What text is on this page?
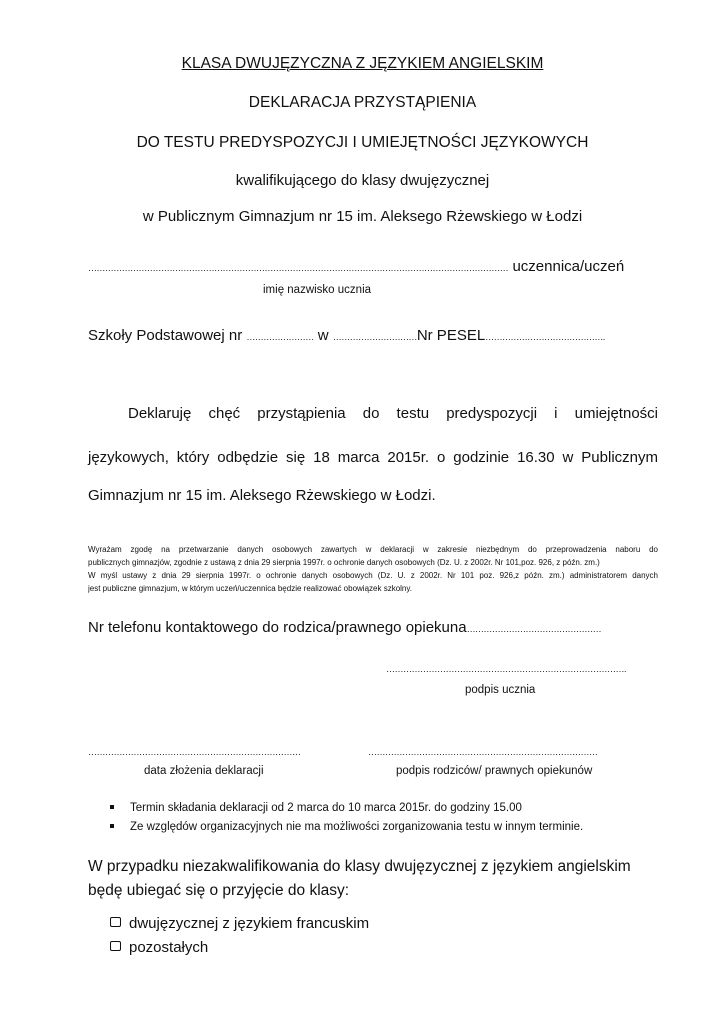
KLASA DWUJĘZYCZNA Z JĘZYKIEM ANGIELSKIM
DEKLARACJA PRZYSTĄPIENIA
DO TESTU PREDYSPOZYCJI I UMIEJĘTNOŚCI JĘZYKOWYCH
kwalifikującego do klasy dwujęzycznej
w Publicznym Gimnazjum nr 15 im. Aleksego Rżewskiego w Łodzi
…………………………………………………………………………………………………………………………………… uczennica/uczeń
imię nazwisko ucznia
Szkoły Podstawowej nr …………………… w …………………………Nr PESEL…………………………………….
Deklaruję chęć przystąpienia do testu predyspozycji i umiejętności
językowych, który odbędzie się 18 marca 2015r. o godzinie 16.30 w Publicznym
Gimnazjum nr 15 im. Aleksego Rżewskiego w Łodzi.
Wyrażam zgodę na przetwarzanie danych osobowych zawartych w deklaracji w zakresie niezbędnym do przeprowadzenia naboru do
publicznych gimnazjów, zgodnie z ustawą z dnia 29 sierpnia 1997r. o ochronie danych osobowych (Dz. U. z 2002r. Nr 101,poz. 926, z późn. zm.)
W myśl ustawy z dnia 29 sierpnia 1997r. o ochronie danych osobowych (Dz. U. z 2002r. Nr 101 poz. 926,z późn. zm.) administratorem danych
jest publiczne gimnazjum, w którym uczeń/uczennica będzie realizować obowiązek szkolny.
Nr telefonu kontaktowego do rodzica/prawnego opiekuna…………………………………………
………………………………………………………………………….
podpis ucznia
…………………………………………………………………
data złożenia deklaracji
………………………………………………………………………
podpis rodziców/ prawnych opiekunów
Termin składania deklaracji od 2 marca do 10 marca 2015r. do godziny 15.00
Ze względów organizacyjnych nie ma możliwości zorganizowania testu w innym terminie.
W przypadku niezakwalifikowania do klasy dwujęzycznej z językiem angielskim
będę ubiegać się o przyjęcie do klasy:
dwujęzycznej z językiem francuskim
pozostałych
